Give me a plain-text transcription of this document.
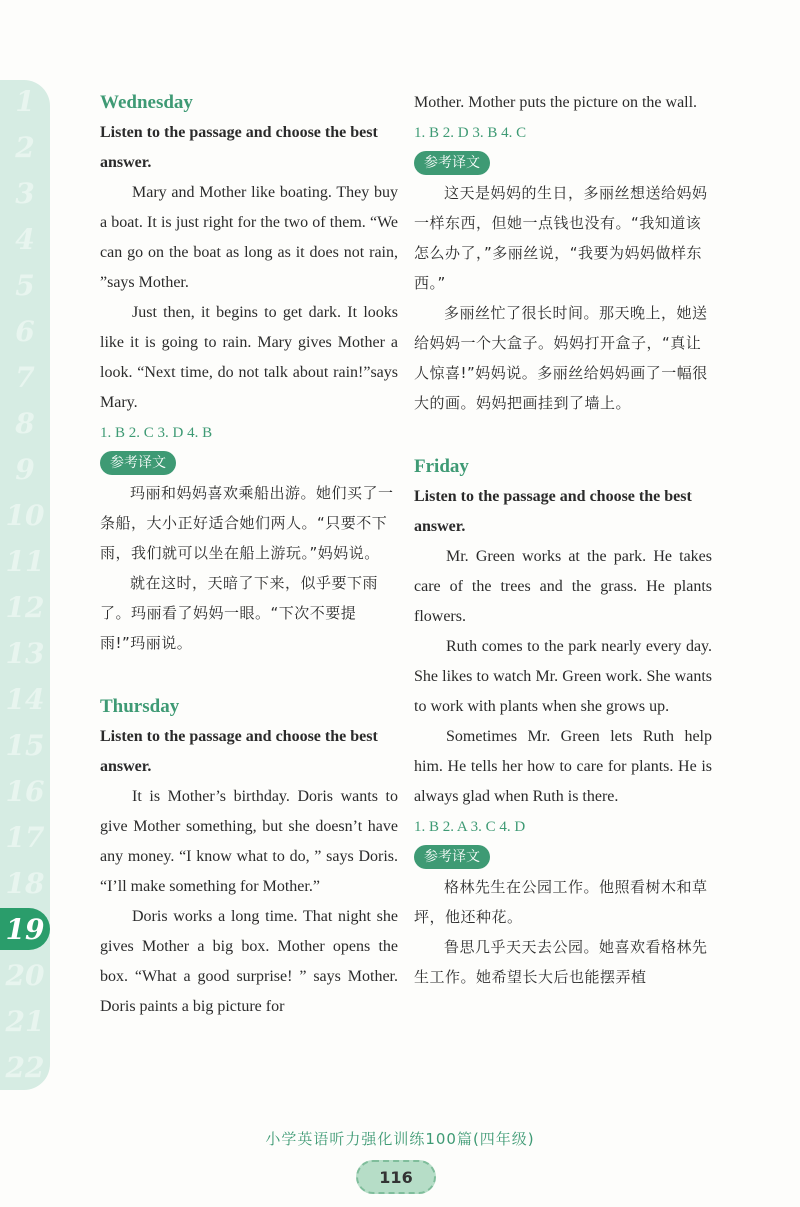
1
2
3
4
5
6
7
8
9
10
11
12
13
14
15
16
17
18
19
20
21
22

Wednesday

Listen to the passage and choose the best answer.

Mary and Mother like boating. They buy a boat. It is just right for the two of them. “We can go on the boat as long as it does not rain, ”says Mother.

Just then, it begins to get dark. It looks like it is going to rain. Mary gives Mother a look. “Next time, do not talk about rain!”says Mary.

1. B 2. C 3. D 4. B

参考译文

玛丽和妈妈喜欢乘船出游。她们买了一条船，大小正好适合她们两人。“只要不下雨，我们就可以坐在船上游玩。”妈妈说。

就在这时，天暗了下来，似乎要下雨了。玛丽看了妈妈一眼。“下次不要提雨!”玛丽说。

Thursday

Listen to the passage and choose the best answer.

It is Mother’s birthday. Doris wants to give Mother something, but she doesn’t have any money. “I know what to do, ” says Doris. “I’ll make something for Mother.”

Doris works a long time. That night she gives Mother a big box. Mother opens the box. “What a good surprise! ” says Mother. Doris paints a big picture for

Mother. Mother puts the picture on the wall.

1. B 2. D 3. B 4. C

参考译文

这天是妈妈的生日，多丽丝想送给妈妈一样东西，但她一点钱也没有。“我知道该怎么办了，”多丽丝说，“我要为妈妈做样东西。”

多丽丝忙了很长时间。那天晚上，她送给妈妈一个大盒子。妈妈打开盒子，“真让人惊喜!”妈妈说。多丽丝给妈妈画了一幅很大的画。妈妈把画挂到了墙上。

Friday

Listen to the passage and choose the best answer.

Mr. Green works at the park. He takes care of the trees and the grass. He plants flowers.

Ruth comes to the park nearly every day. She likes to watch Mr. Green work. She wants to work with plants when she grows up.

Sometimes Mr. Green lets Ruth help him. He tells her how to care for plants. He is always glad when Ruth is there.

1. B 2. A 3. C 4. D

参考译文

格林先生在公园工作。他照看树木和草坪，他还种花。

鲁思几乎天天去公园。她喜欢看格林先生工作。她希望长大后也能摆弄植

小学英语听力强化训练100篇(四年级)
116
